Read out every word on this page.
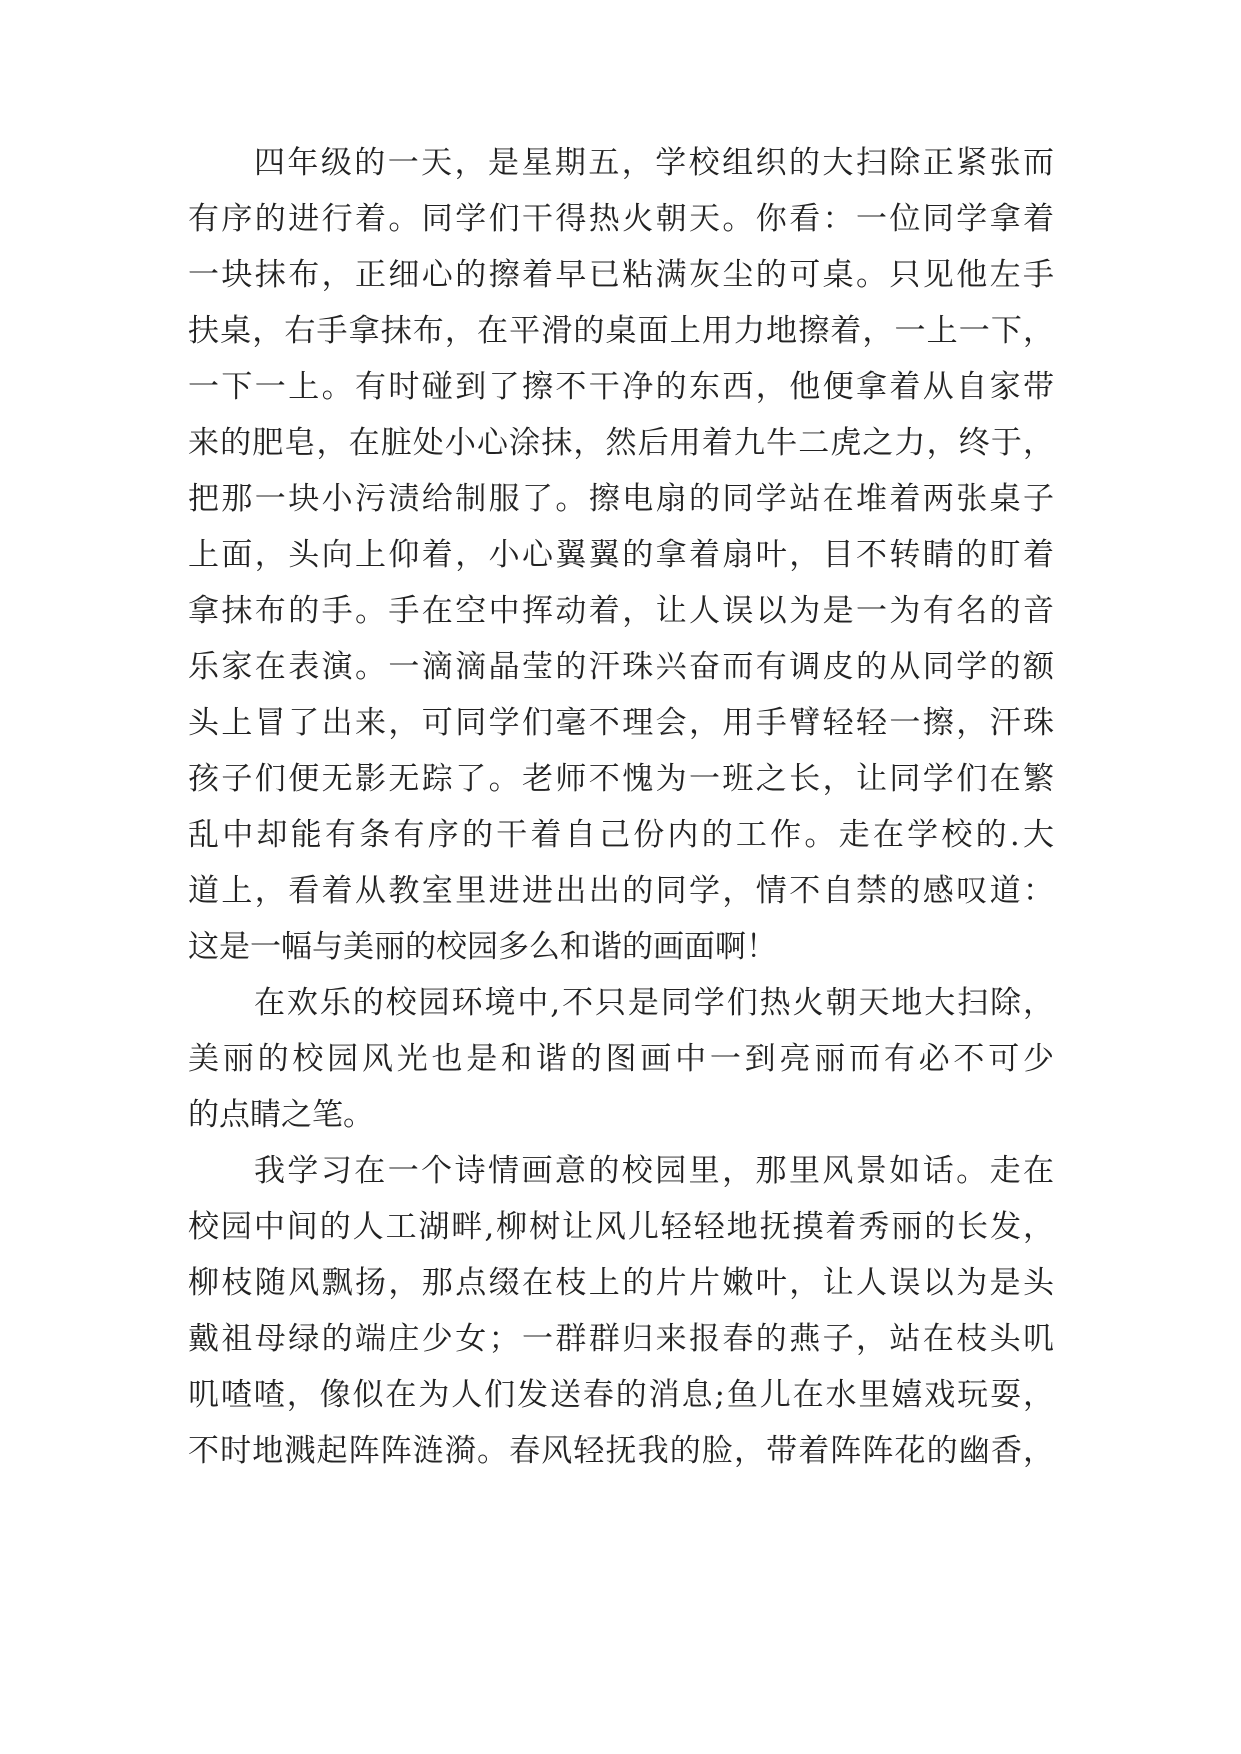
四年级的一天，是星期五，学校组织的大扫除正紧张而
有序的进行着。同学们干得热火朝天。你看：一位同学拿着
一块抹布，正细心的擦着早已粘满灰尘的可桌。只见他左手
扶桌，右手拿抹布，在平滑的桌面上用力地擦着，一上一下，
一下一上。有时碰到了擦不干净的东西，他便拿着从自家带
来的肥皂，在脏处小心涂抹，然后用着九牛二虎之力，终于，
把那一块小污渍给制服了。擦电扇的同学站在堆着两张桌子
上面，头向上仰着，小心翼翼的拿着扇叶，目不转睛的盯着
拿抹布的手。手在空中挥动着，让人误以为是一为有名的音
乐家在表演。一滴滴晶莹的汗珠兴奋而有调皮的从同学的额
头上冒了出来，可同学们毫不理会，用手臂轻轻一擦，汗珠
孩子们便无影无踪了。老师不愧为一班之长，让同学们在繁
乱中却能有条有序的干着自己份内的工作。走在学校的.大
道上，看着从教室里进进出出的同学，情不自禁的感叹道：
这是一幅与美丽的校园多么和谐的画面啊！
在欢乐的校园环境中,不只是同学们热火朝天地大扫除，
美丽的校园风光也是和谐的图画中一到亮丽而有必不可少
的点睛之笔。
我学习在一个诗情画意的校园里，那里风景如话。走在
校园中间的人工湖畔,柳树让风儿轻轻地抚摸着秀丽的长发，
柳枝随风飘扬，那点缀在枝上的片片嫩叶，让人误以为是头
戴祖母绿的端庄少女；一群群归来报春的燕子，站在枝头叽
叽喳喳，像似在为人们发送春的消息;鱼儿在水里嬉戏玩耍，
不时地溅起阵阵涟漪。春风轻抚我的脸，带着阵阵花的幽香，
